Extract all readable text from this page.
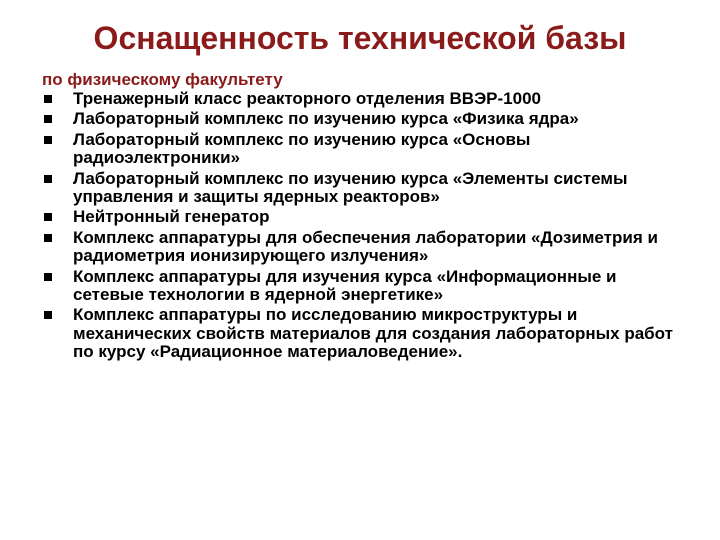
Оснащенность технической базы
по физическому факультету
Тренажерный класс реакторного отделения ВВЭР-1000
Лабораторный комплекс по изучению курса «Физика ядра»
Лабораторный комплекс по изучению курса «Основы радиоэлектроники»
Лабораторный комплекс по изучению курса «Элементы системы управления и защиты ядерных реакторов»
Нейтронный генератор
Комплекс аппаратуры для обеспечения лаборатории «Дозиметрия и радиометрия ионизирующего излучения»
Комплекс аппаратуры для изучения курса «Информационные и сетевые технологии в ядерной энергетике»
Комплекс аппаратуры по исследованию микроструктуры и механических свойств материалов для создания лабораторных работ по курсу «Радиационное материаловедение».
